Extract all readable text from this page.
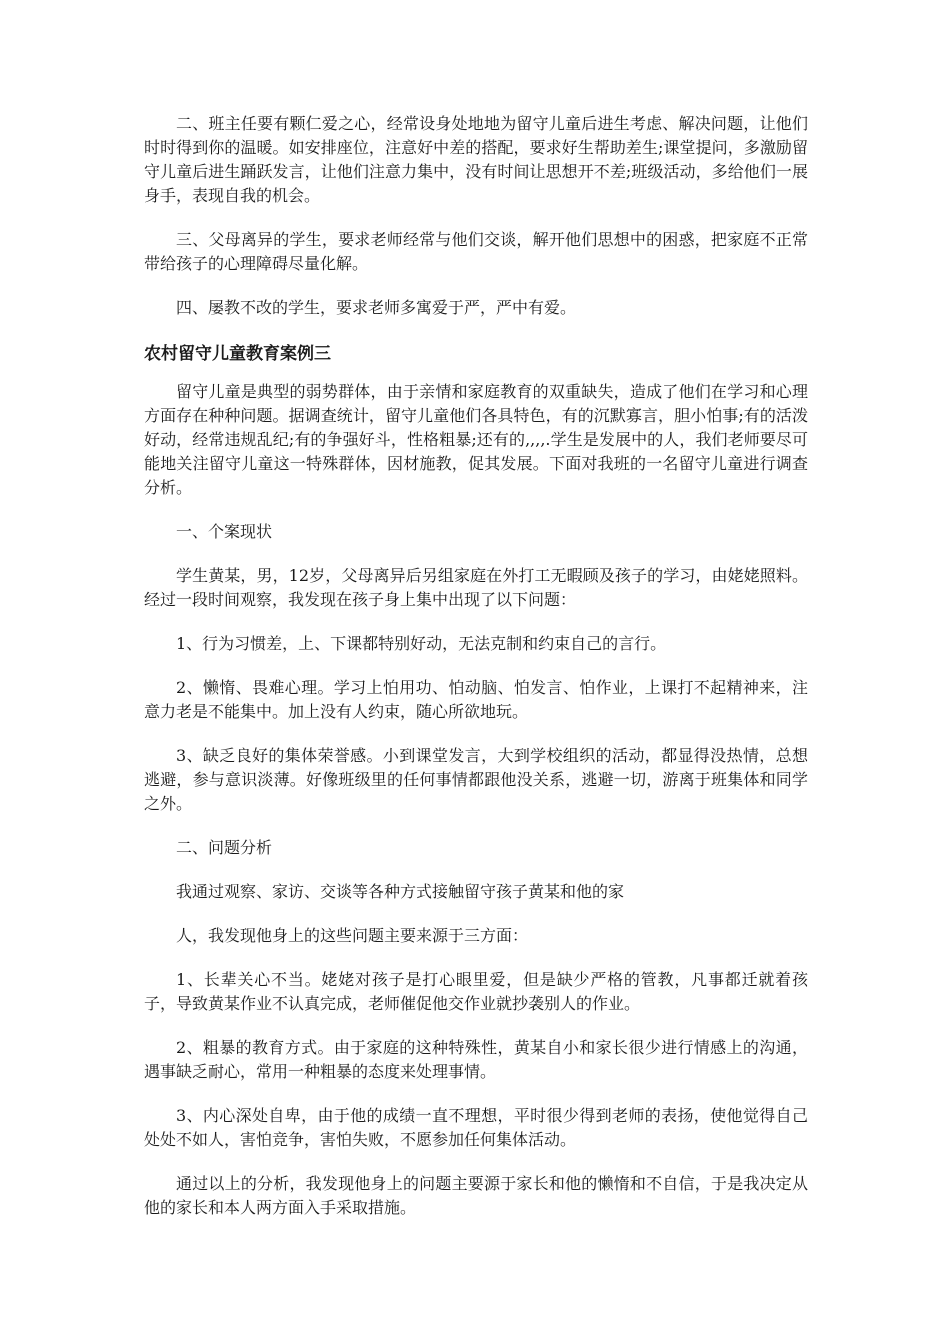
二、班主任要有颗仁爱之心，经常设身处地地为留守儿童后进生考虑、解决问题，让他们时时得到你的温暖。如安排座位，注意好中差的搭配，要求好生帮助差生;课堂提问，多激励留守儿童后进生踊跃发言，让他们注意力集中，没有时间让思想开不差;班级活动，多给他们一展身手，表现自我的机会。

三、父母离异的学生，要求老师经常与他们交谈，解开他们思想中的困惑，把家庭不正常带给孩子的心理障碍尽量化解。

四、屡教不改的学生，要求老师多寓爱于严，严中有爱。

农村留守儿童教育案例三

留守儿童是典型的弱势群体，由于亲情和家庭教育的双重缺失，造成了他们在学习和心理方面存在种种问题。据调查统计，留守儿童他们各具特色，有的沉默寡言，胆小怕事;有的活泼好动，经常违规乱纪;有的争强好斗，性格粗暴;还有的,,,,.学生是发展中的人，我们老师要尽可能地关注留守儿童这一特殊群体，因材施教，促其发展。下面对我班的一名留守儿童进行调查分析。

一、个案现状

学生黄某，男，12岁，父母离异后另组家庭在外打工无暇顾及孩子的学习，由姥姥照料。经过一段时间观察，我发现在孩子身上集中出现了以下问题：

1、行为习惯差，上、下课都特别好动，无法克制和约束自己的言行。

2、懒惰、畏难心理。学习上怕用功、怕动脑、怕发言、怕作业，上课打不起精神来，注意力老是不能集中。加上没有人约束，随心所欲地玩。

3、缺乏良好的集体荣誉感。小到课堂发言，大到学校组织的活动，都显得没热情，总想逃避，参与意识淡薄。好像班级里的任何事情都跟他没关系，逃避一切，游离于班集体和同学之外。

二、问题分析

我通过观察、家访、交谈等各种方式接触留守孩子黄某和他的家

人，我发现他身上的这些问题主要来源于三方面：

1、长辈关心不当。姥姥对孩子是打心眼里爱，但是缺少严格的管教，凡事都迁就着孩子，导致黄某作业不认真完成，老师催促他交作业就抄袭别人的作业。

2、粗暴的教育方式。由于家庭的这种特殊性，黄某自小和家长很少进行情感上的沟通，遇事缺乏耐心，常用一种粗暴的态度来处理事情。

3、内心深处自卑，由于他的成绩一直不理想，平时很少得到老师的表扬，使他觉得自己处处不如人，害怕竞争，害怕失败，不愿参加任何集体活动。

通过以上的分析，我发现他身上的问题主要源于家长和他的懒惰和不自信，于是我决定从他的家长和本人两方面入手采取措施。
